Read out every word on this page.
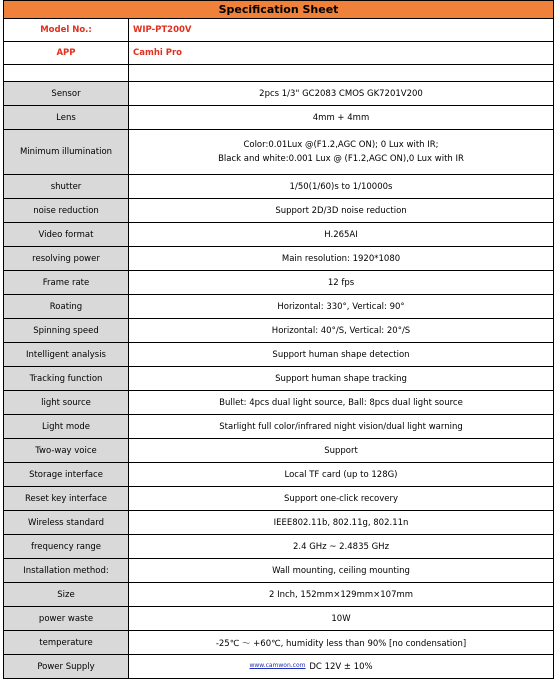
Specification Sheet	
Model No.:	WIP-PT200V
APP	Camhi Pro

Sensor	2pcs 1/3" GC2083 CMOS GK7201V200
Lens	4mm + 4mm
Minimum illumination	Color:0.01Lux @(F1.2,AGC ON); 0 Lux with IR;
Black and white:0.001 Lux @ (F1.2,AGC ON),0 Lux with IR

shutter	1/50(1/60)s to 1/10000s
noise reduction	Support 2D/3D noise reduction
Video format	H.265AI
resolving power	Main resolution: 1920*1080
Frame rate	12 fps
Roating	Horizontal: 330°, Vertical: 90°
Spinning speed	Horizontal: 40°/S, Vertical: 20°/S
Intelligent analysis	Support human shape detection
Tracking function	Support human shape tracking
light source	Bullet: 4pcs dual light source, Ball: 8pcs dual light source
Light mode	Starlight full color/infrared night vision/dual light warning
Two-way voice	Support
Storage interface	Local TF card (up to 128G)
Reset key interface	Support one-click recovery
Wireless standard	IEEE802.11b, 802.11g, 802.11n
frequency range	2.4 GHz ~ 2.4835 GHz
Installation method:	Wall mounting, ceiling mounting
Size	2 Inch, 152mm×129mm×107mm
power waste	10W
temperature	-25℃ ～ +60℃, humidity less than 90% [no condensation]
Power Supply	DC 12V ± 10%
www.camwon.com
